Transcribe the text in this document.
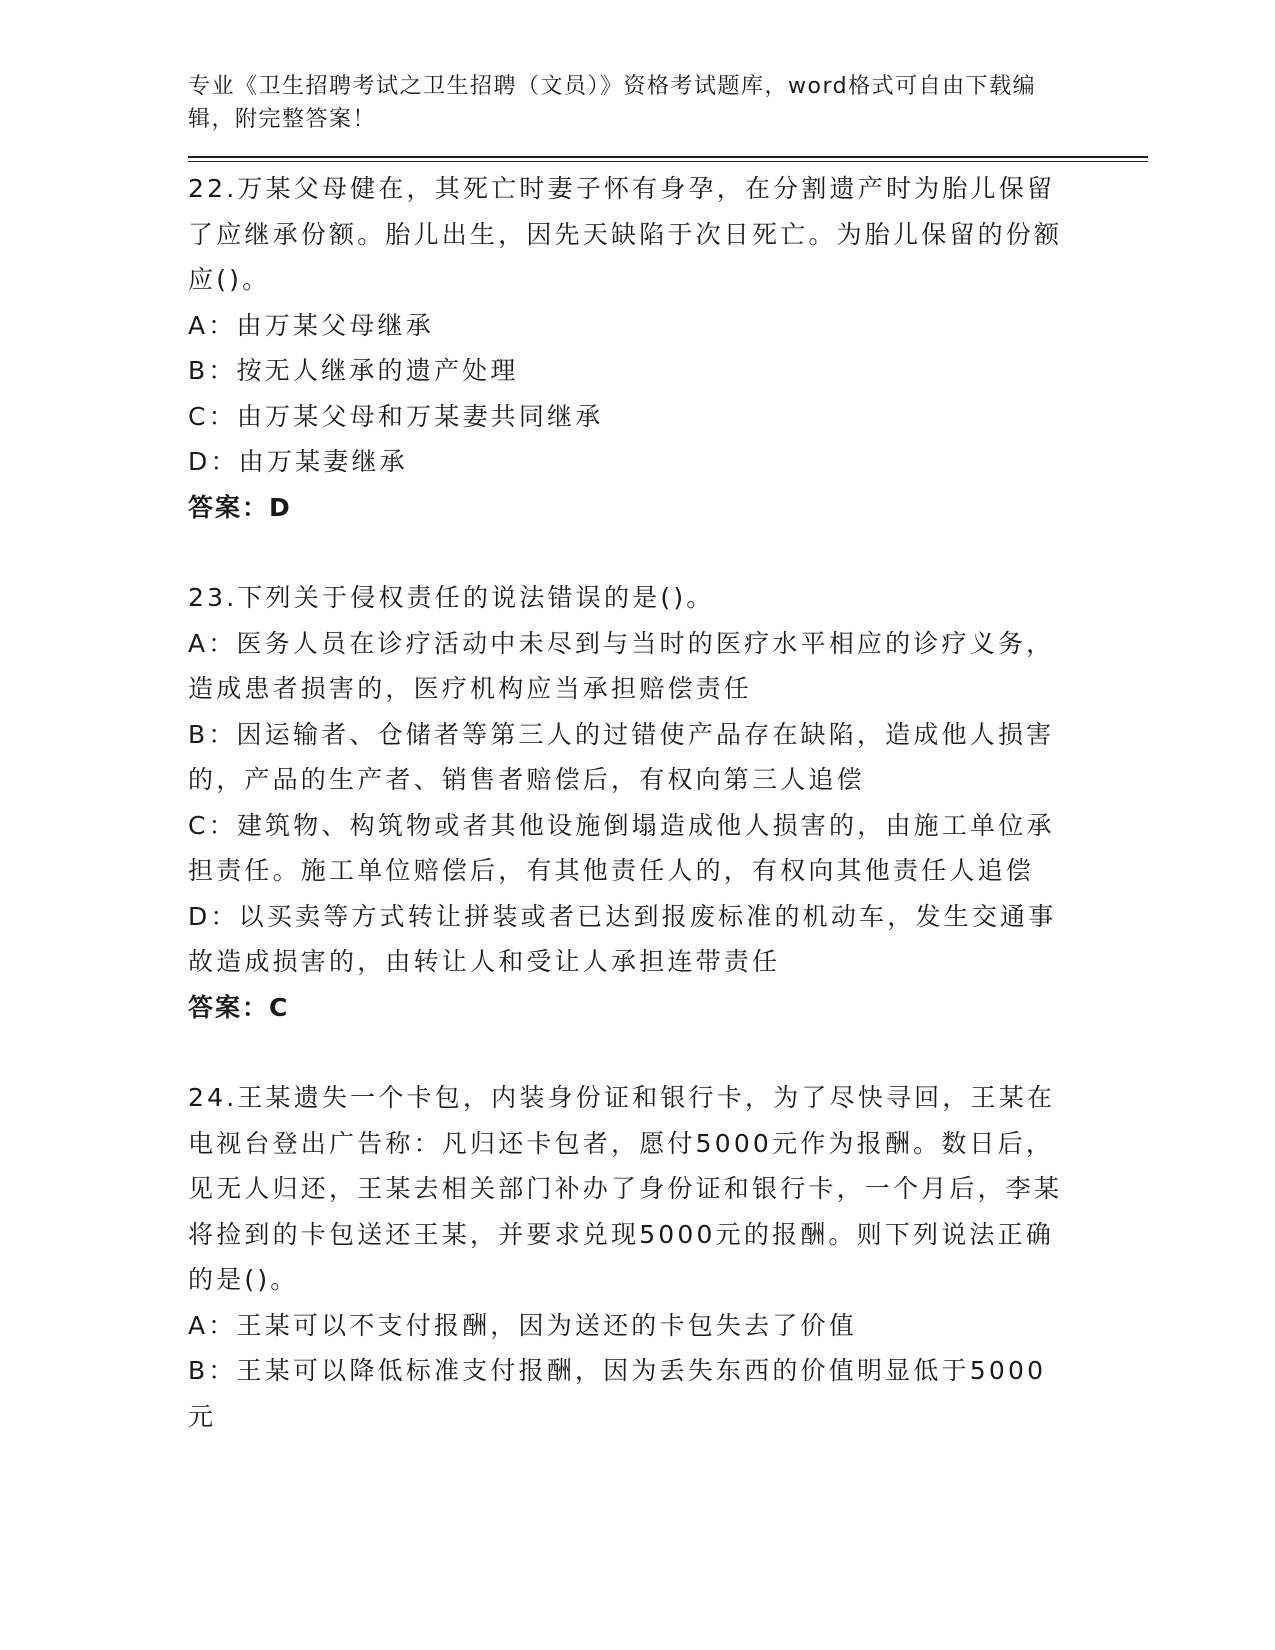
专业《卫生招聘考试之卫生招聘（文员）》资格考试题库，word格式可自由下载编辑，附完整答案！

22.万某父母健在，其死亡时妻子怀有身孕，在分割遗产时为胎儿保留了应继承份额。胎儿出生，因先天缺陷于次日死亡。为胎儿保留的份额应()。

A：由万某父母继承

B：按无人继承的遗产处理

C：由万某父母和万某妻共同继承

D：由万某妻继承

答案：D

23.下列关于侵权责任的说法错误的是()。

A：医务人员在诊疗活动中未尽到与当时的医疗水平相应的诊疗义务，造成患者损害的，医疗机构应当承担赔偿责任

B：因运输者、仓储者等第三人的过错使产品存在缺陷，造成他人损害的，产品的生产者、销售者赔偿后，有权向第三人追偿

C：建筑物、构筑物或者其他设施倒塌造成他人损害的，由施工单位承担责任。施工单位赔偿后，有其他责任人的，有权向其他责任人追偿

D：以买卖等方式转让拼装或者已达到报废标准的机动车，发生交通事故造成损害的，由转让人和受让人承担连带责任

答案：C

24.王某遗失一个卡包，内装身份证和银行卡，为了尽快寻回，王某在电视台登出广告称：凡归还卡包者，愿付5000元作为报酬。数日后，见无人归还，王某去相关部门补办了身份证和银行卡，一个月后，李某将捡到的卡包送还王某，并要求兑现5000元的报酬。则下列说法正确的是()。

A：王某可以不支付报酬，因为送还的卡包失去了价值

B：王某可以降低标准支付报酬，因为丢失东西的价值明显低于5000元
